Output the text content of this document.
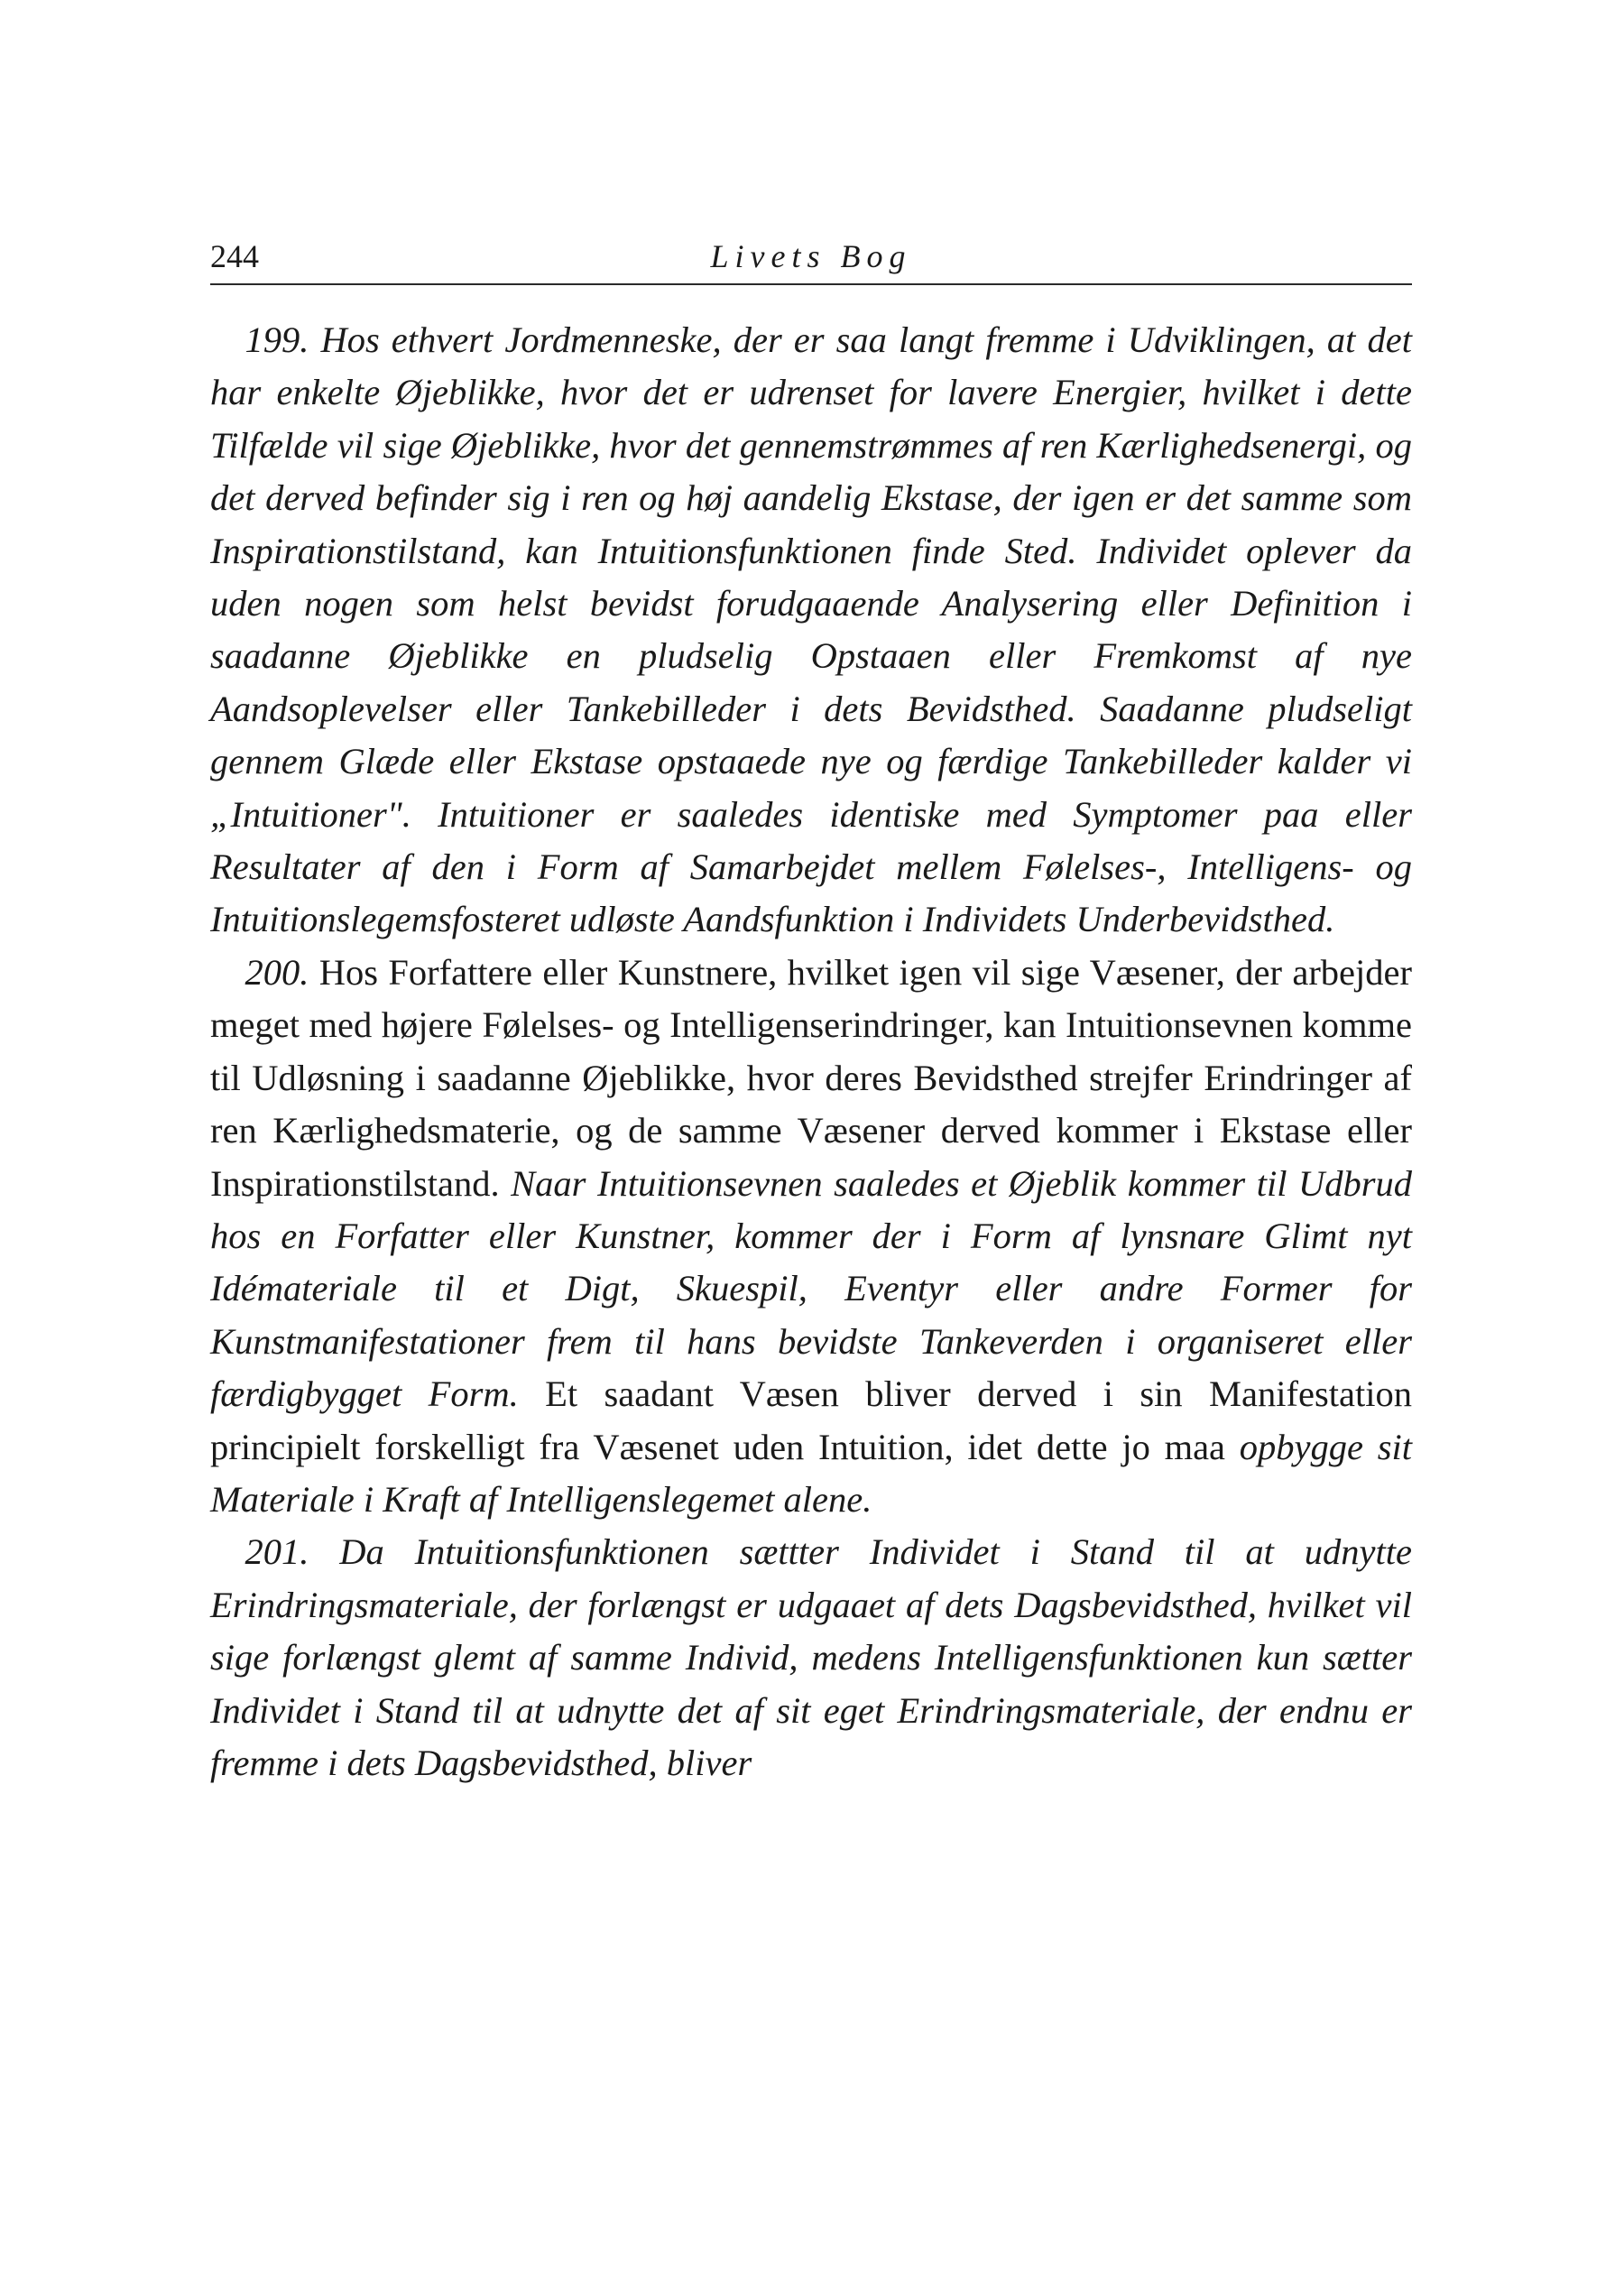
244	Livets Bog

199. Hos ethvert Jordmenneske, der er saa langt fremme i Udviklingen, at det har enkelte Øjeblikke, hvor det er udrenset for lavere Energier, hvilket i dette Tilfælde vil sige Øjeblikke, hvor det gennemstrømmes af ren Kærlighedsenergi, og det derved befinder sig i ren og høj aandelig Ekstase, der igen er det samme som Inspirationstilstand, kan Intuitionsfunktionen finde Sted. Individet oplever da uden nogen som helst bevidst forudgaaende Analysering eller Definition i saadanne Øjeblikke en pludselig Opstaaen eller Fremkomst af nye Aandsoplevelser eller Tankebilleder i dets Bevidsthed. Saadanne pludseligt gennem Glæde eller Ekstase opstaaede nye og færdige Tankebilleder kalder vi „Intuitioner". Intuitioner er saaledes identiske med Symptomer paa eller Resultater af den i Form af Samarbejdet mellem Følelses-, Intelligens- og Intuitionslegemsfosteret udløste Aandsfunktion i Individets Underbevidsthed.

200. Hos Forfattere eller Kunstnere, hvilket igen vil sige Væsener, der arbejder meget med højere Følelses- og Intelligenserindringer, kan Intuitionsevnen komme til Udløsning i saadanne Øjeblikke, hvor deres Bevidsthed strejfer Erindringer af ren Kærlighedsmaterie, og de samme Væsener derved kommer i Ekstase eller Inspirationstilstand. Naar Intuitionsevnen saaledes et Øjeblik kommer til Udbrud hos en Forfatter eller Kunstner, kommer der i Form af lynsnare Glimt nyt Idémateriale til et Digt, Skuespil, Eventyr eller andre Former for Kunstmanifestationer frem til hans bevidste Tankeverden i organiseret eller færdigbygget Form. Et saadant Væsen bliver derved i sin Manifestation principielt forskelligt fra Væsenet uden Intuition, idet dette jo maa opbygge sit Materiale i Kraft af Intelligenslegemet alene.

201. Da Intuitionsfunktionen sættter Individet i Stand til at udnytte Erindringsmateriale, der forlængst er udgaaet af dets Dagsbevidsthed, hvilket vil sige forlængst glemt af samme Individ, medens Intelligensfunktionen kun sætter Individet i Stand til at udnytte det af sit eget Erindringsmateriale, der endnu er fremme i dets Dagsbevidsthed, bliver
